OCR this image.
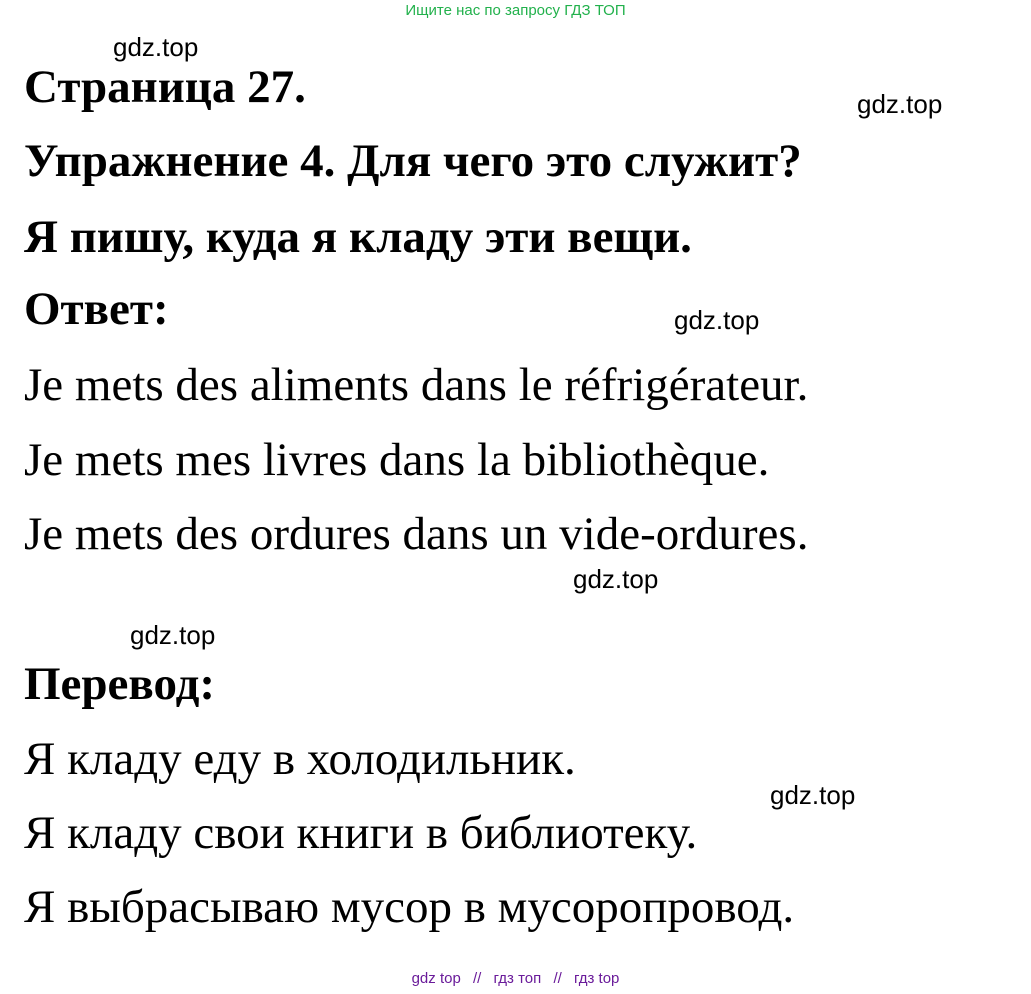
Ищите нас по запросу ГДЗ ТОП
gdz.top
gdz.top
gdz.top
gdz.top
gdz.top
gdz.top
Страница 27.
Упражнение 4. Для чего это служит?
Я пишу, куда я кладу эти вещи.
Ответ:
Je mets des aliments dans le réfrigérateur.
Je mets mes livres dans la bibliothèque.
Je mets des ordures dans un vide-ordures.
Перевод:
Я кладу еду в холодильник.
Я кладу свои книги в библиотеку.
Я выбрасываю мусор в мусоропровод.
gdz top // гдз топ // гдз top
